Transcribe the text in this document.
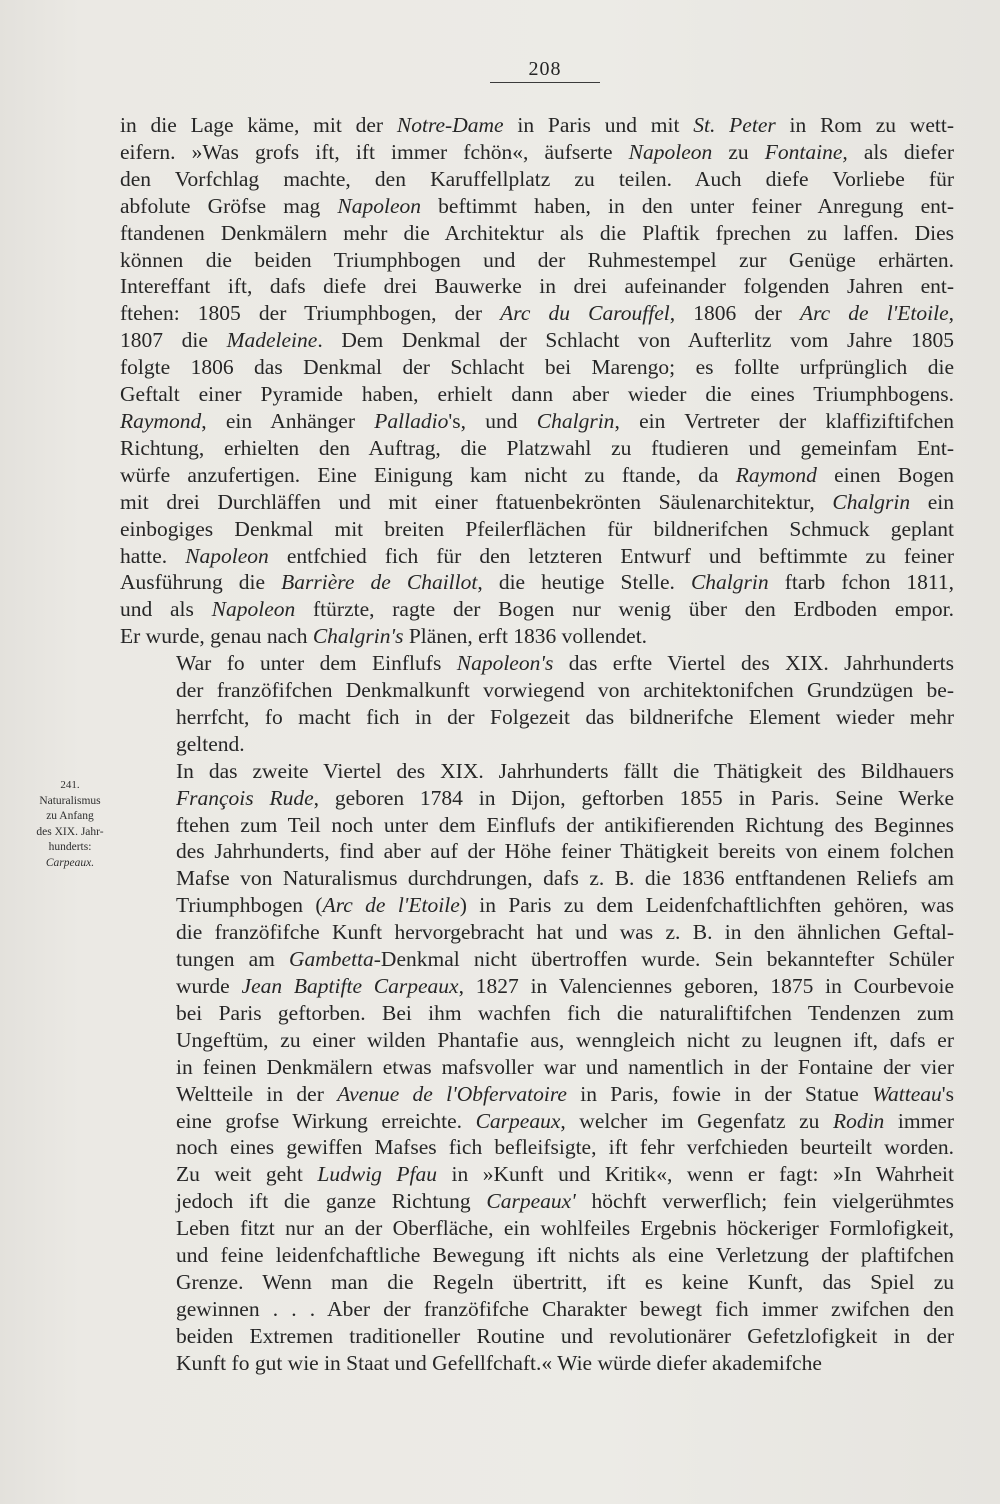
208
241.
Naturalismus
zu Anfang
des XIX. Jahr-
hunderts:
Carpeaux.
in die Lage käme, mit der Notre-Dame in Paris und mit St. Peter in Rom zu wett-
eifern. »Was grofs ift, ift immer fchön«, äufserte Napoleon zu Fontaine, als diefer
den Vorfchlag machte, den Karuffellplatz zu teilen. Auch diefe Vorliebe für
abfolute Gröfse mag Napoleon beftimmt haben, in den unter feiner Anregung ent-
ftandenen Denkmälern mehr die Architektur als die Plaftik fprechen zu laffen. Dies
können die beiden Triumphbogen und der Ruhmestempel zur Genüge erhärten.
Intereffant ift, dafs diefe drei Bauwerke in drei aufeinander folgenden Jahren ent-
ftehen: 1805 der Triumphbogen, der Arc du Carouffel, 1806 der Arc de l'Etoile,
1807 die Madeleine. Dem Denkmal der Schlacht von Aufterlitz vom Jahre 1805
folgte 1806 das Denkmal der Schlacht bei Marengo; es follte urfprünglich die
Geftalt einer Pyramide haben, erhielt dann aber wieder die eines Triumphbogens.
Raymond, ein Anhänger Palladio's, und Chalgrin, ein Vertreter der klaffiziftifchen
Richtung, erhielten den Auftrag, die Platzwahl zu ftudieren und gemeinfam Ent-
würfe anzufertigen. Eine Einigung kam nicht zu ftande, da Raymond einen Bogen
mit drei Durchläffen und mit einer ftatuenbekrönten Säulenarchitektur, Chalgrin ein
einbogiges Denkmal mit breiten Pfeilerflächen für bildnerifchen Schmuck geplant
hatte. Napoleon entfchied fich für den letzteren Entwurf und beftimmte zu feiner
Ausführung die Barrière de Chaillot, die heutige Stelle. Chalgrin ftarb fchon 1811,
und als Napoleon ftürzte, ragte der Bogen nur wenig über den Erdboden empor.
Er wurde, genau nach Chalgrin's Plänen, erft 1836 vollendet.
War fo unter dem Einflufs Napoleon's das erfte Viertel des XIX. Jahrhunderts
der franzöfifchen Denkmalkunft vorwiegend von architektonifchen Grundzügen be-
herrfcht, fo macht fich in der Folgezeit das bildnerifche Element wieder mehr
geltend.
In das zweite Viertel des XIX. Jahrhunderts fällt die Thätigkeit des Bildhauers
François Rude, geboren 1784 in Dijon, geftorben 1855 in Paris. Seine Werke
ftehen zum Teil noch unter dem Einflufs der antikifierenden Richtung des Beginnes
des Jahrhunderts, find aber auf der Höhe feiner Thätigkeit bereits von einem folchen
Mafse von Naturalismus durchdrungen, dafs z. B. die 1836 entftandenen Reliefs am
Triumphbogen (Arc de l'Etoile) in Paris zu dem Leidenfchaftlichften gehören, was
die franzöfifche Kunft hervorgebracht hat und was z. B. in den ähnlichen Geftal-
tungen am Gambetta-Denkmal nicht übertroffen wurde. Sein bekanntefter Schüler
wurde Jean Baptifte Carpeaux, 1827 in Valenciennes geboren, 1875 in Courbevoie
bei Paris geftorben. Bei ihm wachfen fich die naturaliftifchen Tendenzen zum
Ungeftüm, zu einer wilden Phantafie aus, wenngleich nicht zu leugnen ift, dafs er
in feinen Denkmälern etwas mafsvoller war und namentlich in der Fontaine der vier
Weltteile in der Avenue de l'Obfervatoire in Paris, fowie in der Statue Watteau's
eine grofse Wirkung erreichte. Carpeaux, welcher im Gegenfatz zu Rodin immer
noch eines gewiffen Mafses fich befleifsigte, ift fehr verfchieden beurteilt worden.
Zu weit geht Ludwig Pfau in »Kunft und Kritik«, wenn er fagt: »In Wahrheit
jedoch ift die ganze Richtung Carpeaux' höchft verwerflich; fein vielgerühmtes
Leben fitzt nur an der Oberfläche, ein wohlfeiles Ergebnis höckeriger Formlofigkeit,
und feine leidenfchaftliche Bewegung ift nichts als eine Verletzung der plaftifchen
Grenze. Wenn man die Regeln übertritt, ift es keine Kunft, das Spiel zu
gewinnen . . . Aber der franzöfifche Charakter bewegt fich immer zwifchen den
beiden Extremen traditioneller Routine und revolutionärer Gefetzlofigkeit in der
Kunft fo gut wie in Staat und Gefellfchaft.« Wie würde diefer akademifche
